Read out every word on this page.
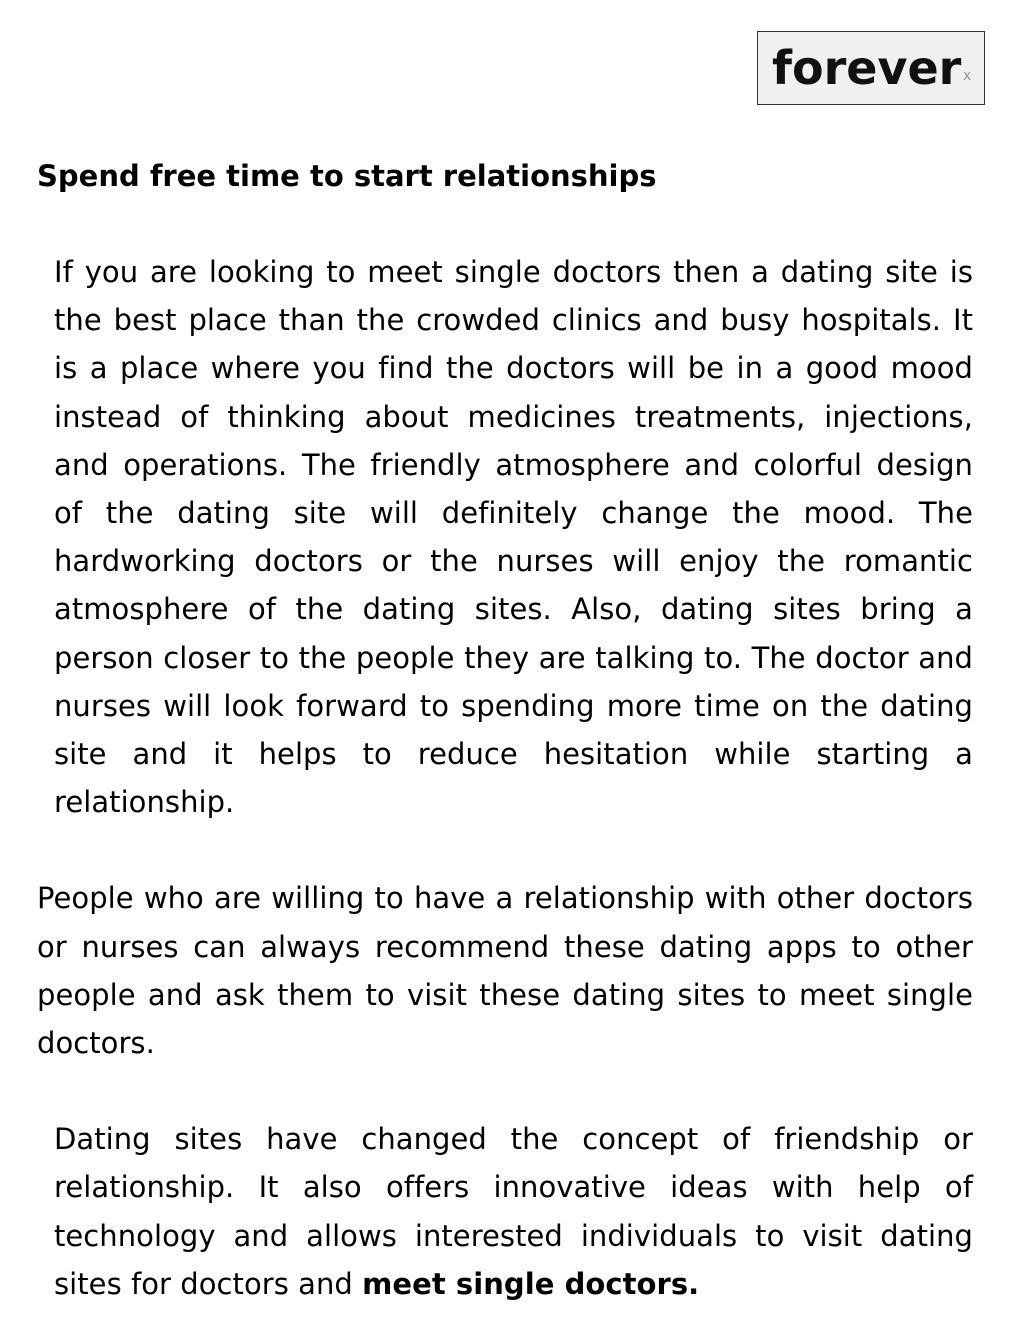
forever x
Spend free time to start relationships

If you are looking to meet single doctors then a dating site is the best place than the crowded clinics and busy hospitals. It is a place where you find the doctors will be in a good mood instead of thinking about medicines treatments, injections, and operations. The friendly atmosphere and colorful design of the dating site will definitely change the mood. The hardworking doctors or the nurses will enjoy the romantic atmosphere of the dating sites. Also, dating sites bring a person closer to the people they are talking to. The doctor and nurses will look forward to spending more time on the dating site and it helps to reduce hesitation while starting a relationship.

People who are willing to have a relationship with other doctors or nurses can always recommend these dating apps to other people and ask them to visit these dating sites to meet single doctors.

Dating sites have changed the concept of friendship or relationship. It also offers innovative ideas with help of technology and allows interested individuals to visit dating sites for doctors and meet single doctors.
